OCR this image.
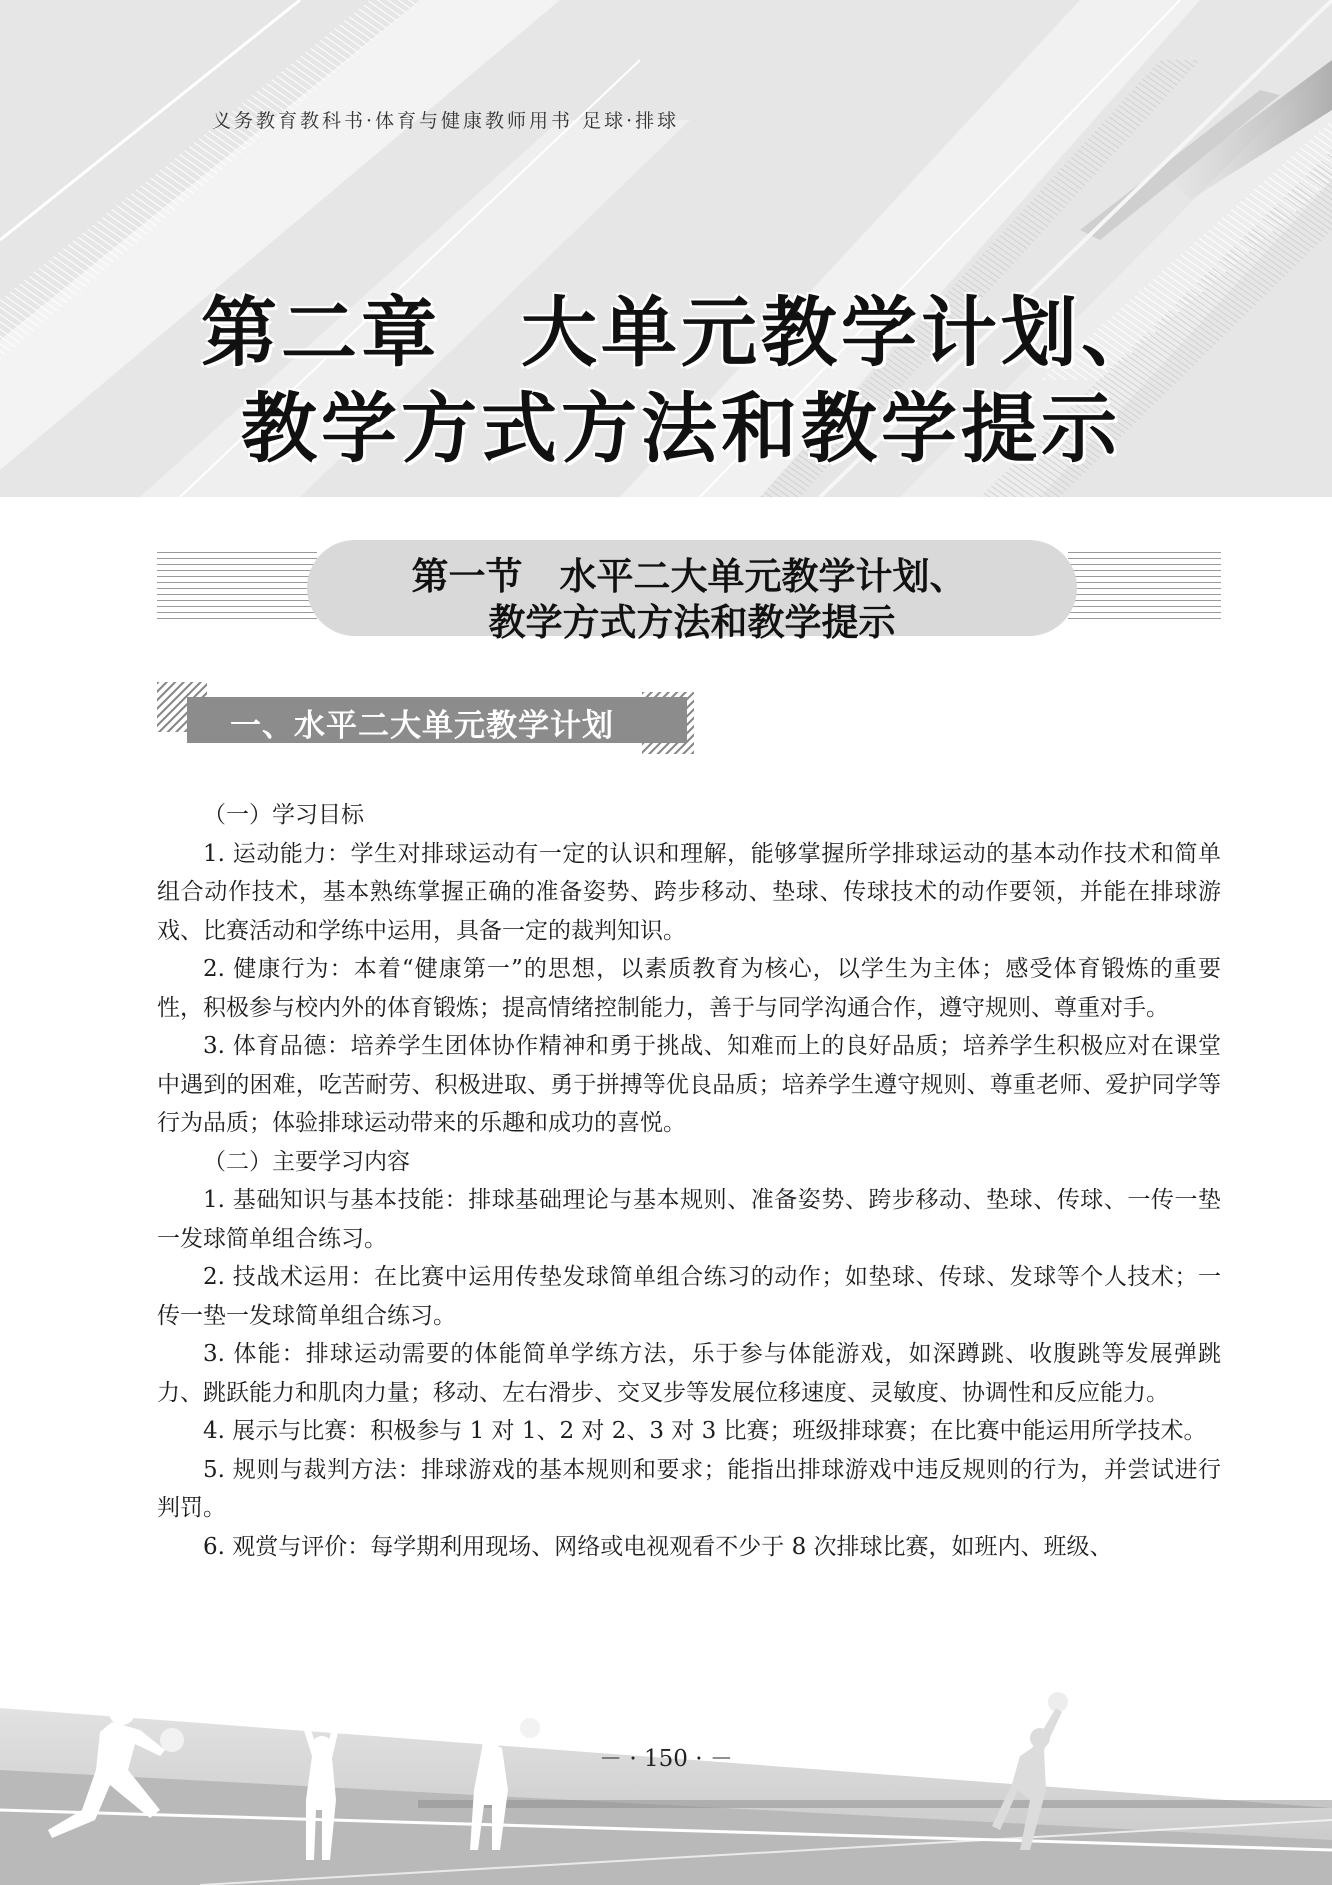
义务教育教科书·体育与健康教师用书 足球·排球
第二章　大单元教学计划、
教学方式方法和教学提示
第一节　水平二大单元教学计划、
教学方式方法和教学提示
一、水平二大单元教学计划

（一）学习目标

1. 运动能力：学生对排球运动有一定的认识和理解，能够掌握所学排球运动的基本动作技术和简单组合动作技术，基本熟练掌握正确的准备姿势、跨步移动、垫球、传球技术的动作要领，并能在排球游戏、比赛活动和学练中运用，具备一定的裁判知识。

2. 健康行为：本着“健康第一”的思想，以素质教育为核心，以学生为主体；感受体育锻炼的重要性，积极参与校内外的体育锻炼；提高情绪控制能力，善于与同学沟通合作，遵守规则、尊重对手。

3. 体育品德：培养学生团体协作精神和勇于挑战、知难而上的良好品质；培养学生积极应对在课堂中遇到的困难，吃苦耐劳、积极进取、勇于拼搏等优良品质；培养学生遵守规则、尊重老师、爱护同学等行为品质；体验排球运动带来的乐趣和成功的喜悦。

（二）主要学习内容

1. 基础知识与基本技能：排球基础理论与基本规则、准备姿势、跨步移动、垫球、传球、一传一垫一发球简单组合练习。

2. 技战术运用：在比赛中运用传垫发球简单组合练习的动作；如垫球、传球、发球等个人技术；一传一垫一发球简单组合练习。

3. 体能：排球运动需要的体能简单学练方法，乐于参与体能游戏，如深蹲跳、收腹跳等发展弹跳力、跳跃能力和肌肉力量；移动、左右滑步、交叉步等发展位移速度、灵敏度、协调性和反应能力。

4. 展示与比赛：积极参与 1 对 1、2 对 2、3 对 3 比赛；班级排球赛；在比赛中能运用所学技术。

5. 规则与裁判方法：排球游戏的基本规则和要求；能指出排球游戏中违反规则的行为，并尝试进行判罚。

6. 观赏与评价：每学期利用现场、网络或电视观看不少于 8 次排球比赛，如班内、班级、

－ · 150 · －
